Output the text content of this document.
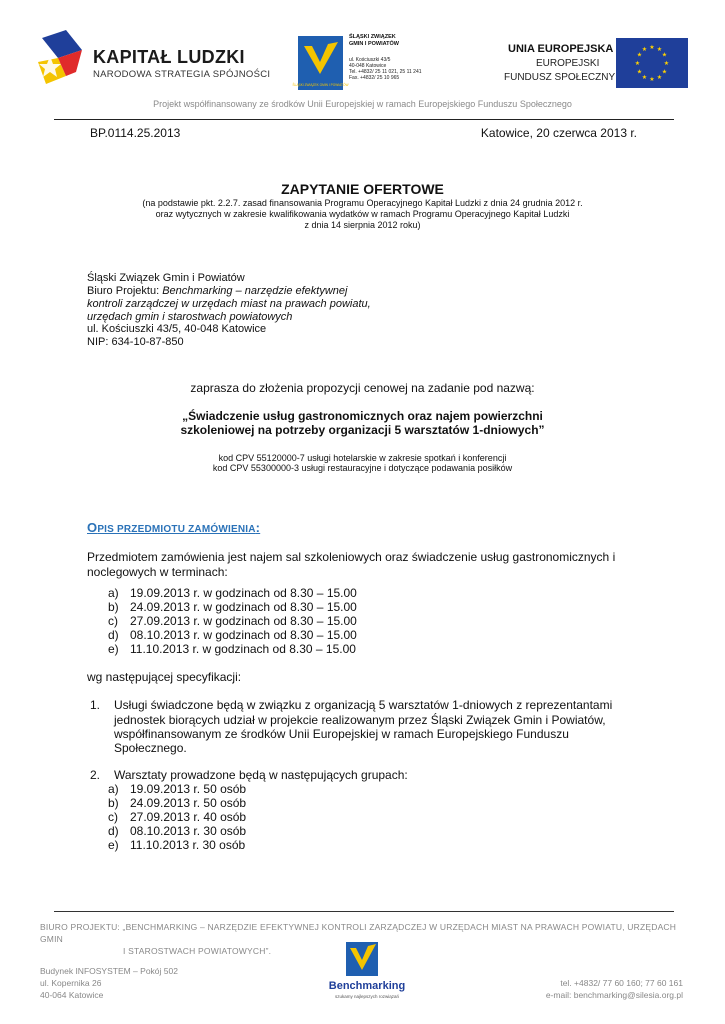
KAPITAŁ LUDZKI
NARODOWA STRATEGIA SPÓJNOŚCI
ŚLĄSKI ZWIĄZEK GMIN I POWIATÓW
ŚLĄSKI ZWIĄZEK
GMIN I POWIATÓW
ul. Kościuszki 43/5
40-048 Katowice
Tel. +4832/ 25 11 021, 25 11 241
Fax. +4832/ 25 10 965
UNIA EUROPEJSKA
EUROPEJSKI
FUNDUSZ SPOŁECZNY
★ ★
★
★
★
★
★
★
★
★
★
★
Projekt współfinansowany ze środków Unii Europejskiej w ramach Europejskiego Funduszu Społecznego
BP.0114.25.2013	Katowice, 20 czerwca 2013 r.
ZAPYTANIE OFERTOWE
(na podstawie pkt. 2.2.7. zasad finansowania Programu Operacyjnego Kapitał Ludzki z dnia 24 grudnia 2012 r.
oraz wytycznych w zakresie kwalifikowania wydatków w ramach Programu Operacyjnego Kapitał Ludzki
z dnia 14 sierpnia 2012 roku)
Śląski Związek Gmin i Powiatów
Biuro Projektu: Benchmarking – narzędzie efektywnej
kontroli zarządczej w urzędach miast na prawach powiatu,
urzędach gmin i starostwach powiatowych
ul. Kościuszki 43/5, 40-048 Katowice
NIP: 634-10-87-850
zaprasza do złożenia propozycji cenowej na zadanie pod nazwą:
„Świadczenie usług gastronomicznych oraz najem powierzchni
szkoleniowej na potrzeby organizacji 5 warsztatów 1-dniowych”
kod CPV 55120000-7 usługi hotelarskie w zakresie spotkań i konferencji
kod CPV 55300000-3 usługi restauracyjne i dotyczące podawania posiłków
OPIS PRZEDMIOTU ZAMÓWIENIA:
Przedmiotem zamówienia jest najem sal szkoleniowych oraz świadczenie usług gastronomicznych i
noclegowych w terminach:
a) 19.09.2013 r. w godzinach od 8.30 – 15.00
b) 24.09.2013 r. w godzinach od 8.30 – 15.00
c) 27.09.2013 r. w godzinach od 8.30 – 15.00
d) 08.10.2013 r. w godzinach od 8.30 – 15.00
e) 11.10.2013 r. w godzinach od 8.30 – 15.00
wg następującej specyfikacji:
1. Usługi świadczone będą w związku z organizacją 5 warsztatów 1-dniowych z reprezentantami
jednostek biorących udział w projekcie realizowanym przez Śląski Związek Gmin i Powiatów,
współfinansowanym ze środków Unii Europejskiej w ramach Europejskiego Funduszu
Społecznego.
2. Warsztaty prowadzone będą w następujących grupach:
a) 19.09.2013 r. 50 osób
b) 24.09.2013 r. 50 osób
c) 27.09.2013 r. 40 osób
d) 08.10.2013 r. 30 osób
e) 11.10.2013 r. 30 osób
BIURO PROJEKTU: „BENCHMARKING – NARZĘDZIE EFEKTYWNEJ KONTROLI ZARZĄDCZEJ W URZĘDACH MIAST NA PRAWACH POWIATU, URZĘDACH GMIN
I STAROSTWACH POWIATOWYCH”.
Budynek INFOSYSTEM – Pokój 502
ul. Kopernika 26
40-064 Katowice
Benchmarking
szukamy najlepszych rozwiązań
tel. +4832/ 77 60 160; 77 60 161
e-mail: benchmarking@silesia.org.pl
